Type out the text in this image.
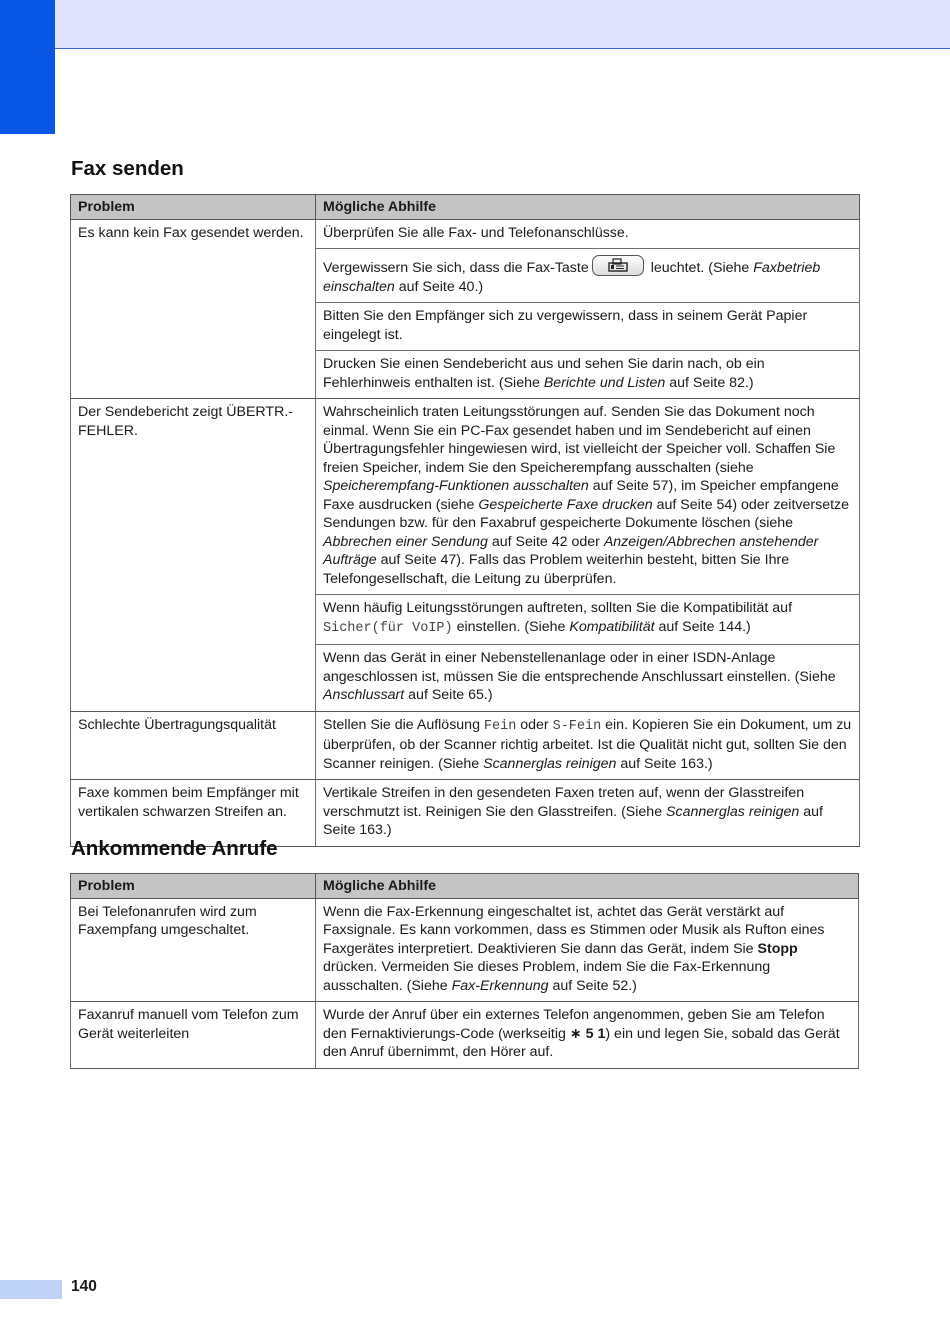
Fax senden
Problem	Mögliche Abhilfe
Es kann kein Fax gesendet werden.	Überprüfen Sie alle Fax- und Telefonanschlüsse.
	Vergewissern Sie sich, dass die Fax-Taste leuchtet. (Siehe Faxbetrieb einschalten auf Seite 40.)
	Bitten Sie den Empfänger sich zu vergewissern, dass in seinem Gerät Papier eingelegt ist.
	Drucken Sie einen Sendebericht aus und sehen Sie darin nach, ob ein Fehlerhinweis enthalten ist. (Siehe Berichte und Listen auf Seite 82.)
Der Sendebericht zeigt ÜBERTR.-FEHLER.	Wahrscheinlich traten Leitungsstörungen auf. Senden Sie das Dokument noch einmal. Wenn Sie ein PC-Fax gesendet haben und im Sendebericht auf einen Übertragungsfehler hingewiesen wird, ist vielleicht der Speicher voll. Schaffen Sie freien Speicher, indem Sie den Speicherempfang ausschalten (siehe Speicherempfang-Funktionen ausschalten auf Seite 57), im Speicher empfangene Faxe ausdrucken (siehe Gespeicherte Faxe drucken auf Seite 54) oder zeitversetze Sendungen bzw. für den Faxabruf gespeicherte Dokumente löschen (siehe Abbrechen einer Sendung auf Seite 42 oder Anzeigen/Abbrechen anstehender Aufträge auf Seite 47). Falls das Problem weiterhin besteht, bitten Sie Ihre Telefongesellschaft, die Leitung zu überprüfen.
	Wenn häufig Leitungsstörungen auftreten, sollten Sie die Kompatibilität auf Sicher(für VoIP) einstellen. (Siehe Kompatibilität auf Seite 144.)
	Wenn das Gerät in einer Nebenstellenanlage oder in einer ISDN-Anlage angeschlossen ist, müssen Sie die entsprechende Anschlussart einstellen. (Siehe Anschlussart auf Seite 65.)
Schlechte Übertragungsqualität	Stellen Sie die Auflösung Fein oder S-Fein ein. Kopieren Sie ein Dokument, um zu überprüfen, ob der Scanner richtig arbeitet. Ist die Qualität nicht gut, sollten Sie den Scanner reinigen. (Siehe Scannerglas reinigen auf Seite 163.)
Faxe kommen beim Empfänger mit vertikalen schwarzen Streifen an.	Vertikale Streifen in den gesendeten Faxen treten auf, wenn der Glasstreifen verschmutzt ist. Reinigen Sie den Glasstreifen. (Siehe Scannerglas reinigen auf Seite 163.)
Ankommende Anrufe
Problem	Mögliche Abhilfe
Bei Telefonanrufen wird zum Faxempfang umgeschaltet.	Wenn die Fax-Erkennung eingeschaltet ist, achtet das Gerät verstärkt auf Faxsignale. Es kann vorkommen, dass es Stimmen oder Musik als Rufton eines Faxgerätes interpretiert. Deaktivieren Sie dann das Gerät, indem Sie Stopp drücken. Vermeiden Sie dieses Problem, indem Sie die Fax-Erkennung ausschalten. (Siehe Fax-Erkennung auf Seite 52.)
Faxanruf manuell vom Telefon zum Gerät weiterleiten	Wurde der Anruf über ein externes Telefon angenommen, geben Sie am Telefon den Fernaktivierungs-Code (werkseitig ∗ 5 1) ein und legen Sie, sobald das Gerät den Anruf übernimmt, den Hörer auf.
140
